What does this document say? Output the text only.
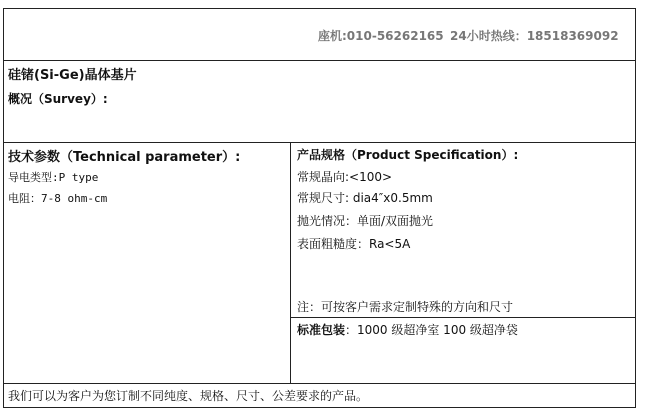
座机:010-56262165 24小时热线：18518369092
硅锗(Si-Ge)晶体基片
概况（Survey）:
技术参数（Technical parameter）:
导电类型:P type
电阻：7-8 ohm-cm
产品规格（Product Specification）:
常规晶向:<100>
常规尺寸: dia4″x0.5mm
抛光情况：单面/双面抛光
表面粗糙度：Ra<5A
注：可按客户需求定制特殊的方向和尺寸
标准包装：1000 级超净室 100 级超净袋
我们可以为客户为您订制不同纯度、规格、尺寸、公差要求的产品。
